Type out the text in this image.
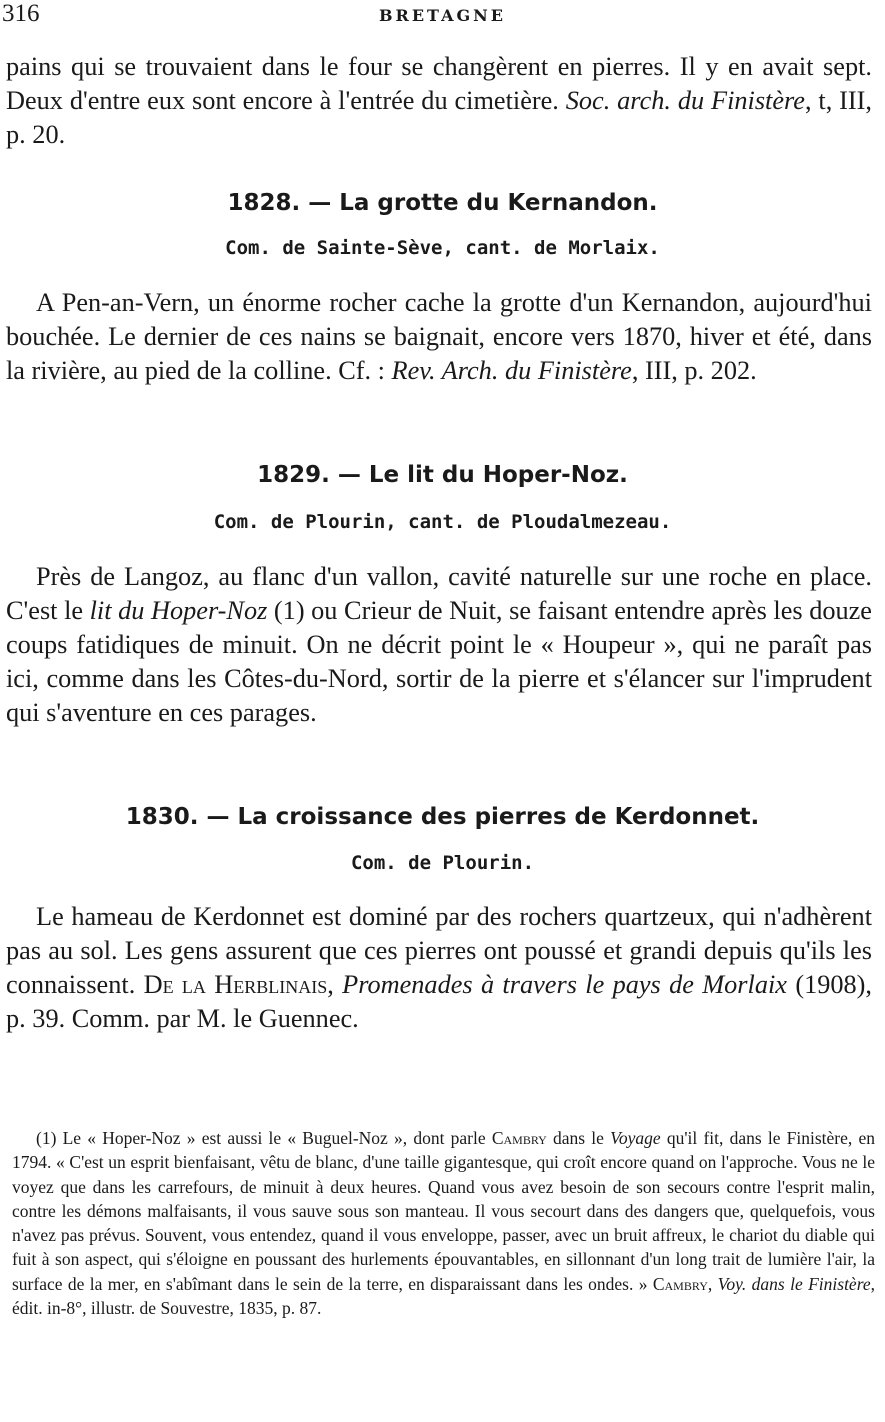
316	BRETAGNE

pains qui se trouvaient dans le four se changèrent en pierres. Il y en avait sept. Deux d'entre eux sont encore à l'entrée du cimetière. Soc. arch. du Finistère, t, III, p. 20.

1828. — La grotte du Kernandon.
Com. de Sainte-Sève, cant. de Morlaix.

A Pen-an-Vern, un énorme rocher cache la grotte d'un Kernandon, aujourd'hui bouchée. Le dernier de ces nains se baignait, encore vers 1870, hiver et été, dans la rivière, au pied de la colline. Cf. : Rev. Arch. du Finistère, III, p. 202.

1829. — Le lit du Hoper-Noz.
Com. de Plourin, cant. de Ploudalmezeau.

Près de Langoz, au flanc d'un vallon, cavité naturelle sur une roche en place. C'est le lit du Hoper-Noz (1) ou Crieur de Nuit, se faisant entendre après les douze coups fatidiques de minuit. On ne décrit point le « Houpeur », qui ne paraît pas ici, comme dans les Côtes-du-Nord, sortir de la pierre et s'élancer sur l'imprudent qui s'aventure en ces parages.

1830. — La croissance des pierres de Kerdonnet.
Com. de Plourin.

Le hameau de Kerdonnet est dominé par des rochers quartzeux, qui n'adhèrent pas au sol. Les gens assurent que ces pierres ont poussé et grandi depuis qu'ils les connaissent. De la Herblinais, Promenades à travers le pays de Morlaix (1908), p. 39. Comm. par M. le Guennec.

(1) Le « Hoper-Noz » est aussi le « Buguel-Noz », dont parle Cambry dans le Voyage qu'il fit, dans le Finistère, en 1794. « C'est un esprit bienfaisant, vêtu de blanc, d'une taille gigantesque, qui croît encore quand on l'approche. Vous ne le voyez que dans les carrefours, de minuit à deux heures. Quand vous avez besoin de son secours contre l'esprit malin, contre les démons malfaisants, il vous sauve sous son manteau. Il vous secourt dans des dangers que, quelquefois, vous n'avez pas prévus. Souvent, vous entendez, quand il vous enveloppe, passer, avec un bruit affreux, le chariot du diable qui fuit à son aspect, qui s'éloigne en poussant des hurlements épouvantables, en sillonnant d'un long trait de lumière l'air, la surface de la mer, en s'abîmant dans le sein de la terre, en disparaissant dans les ondes. » Cambry, Voy. dans le Finistère, édit. in-8°, illustr. de Souvestre, 1835, p. 87.
